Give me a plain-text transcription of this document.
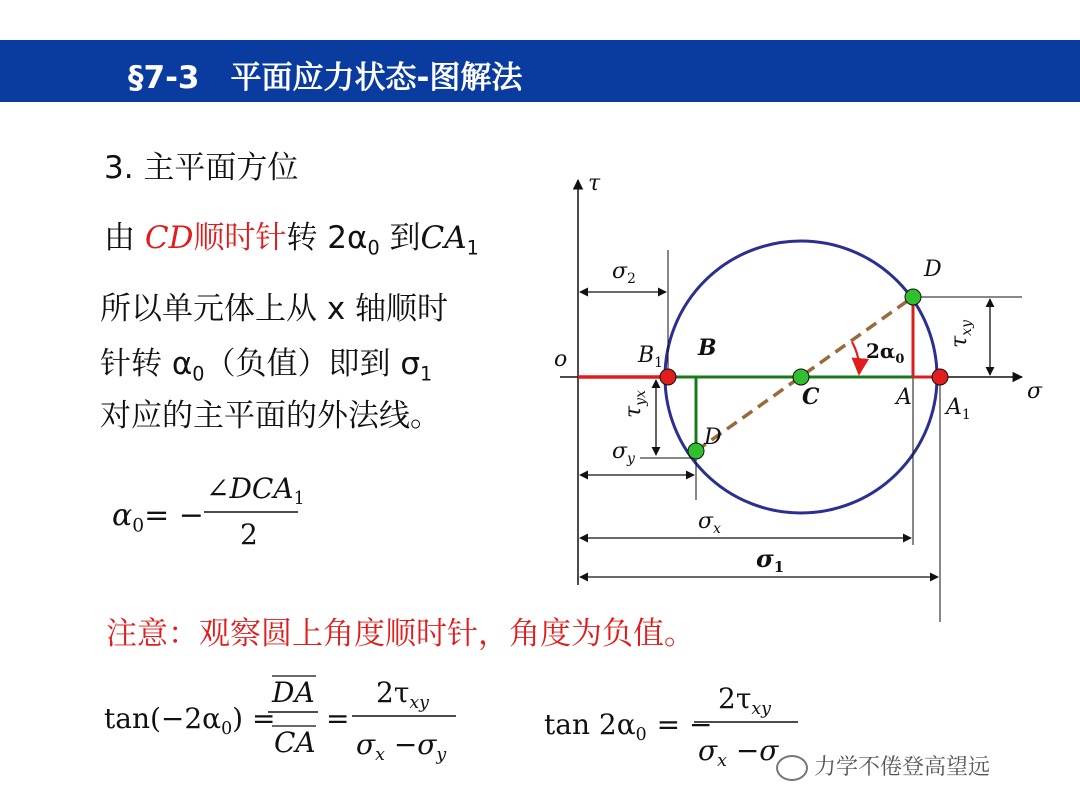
§7-3　平面应力状态-图解法
3. 主平面方位
由 CD顺时针转 $2\alpha_0$ 到$CA_1$
所以单元体上从 x 轴顺时
针转 $\alpha_0$（负值）即到 $\sigma_1$
对应的主平面的外法线。
$\alpha_0=$ −
$\angle DCA_1$
2
注意：观察圆上角度顺时针，角度为负值。
$\tan(-2\alpha_0)$ =
DA
CA
=
$2\tau_{xy}$
$\sigma_x -\sigma_y$
$\tan 2\alpha_0$ = −
$2\tau_{xy}$
$\sigma_x -\sigma$
力学不倦登高望远
τ
σ
o	$B_1$
A $A_1$
D
D
$\sigma_2$
$\sigma_y$
$\sigma_x$
$\tau_{yx}$
$\tau_{xy}$
B
C
$2\alpha_0$
$\sigma_1$
